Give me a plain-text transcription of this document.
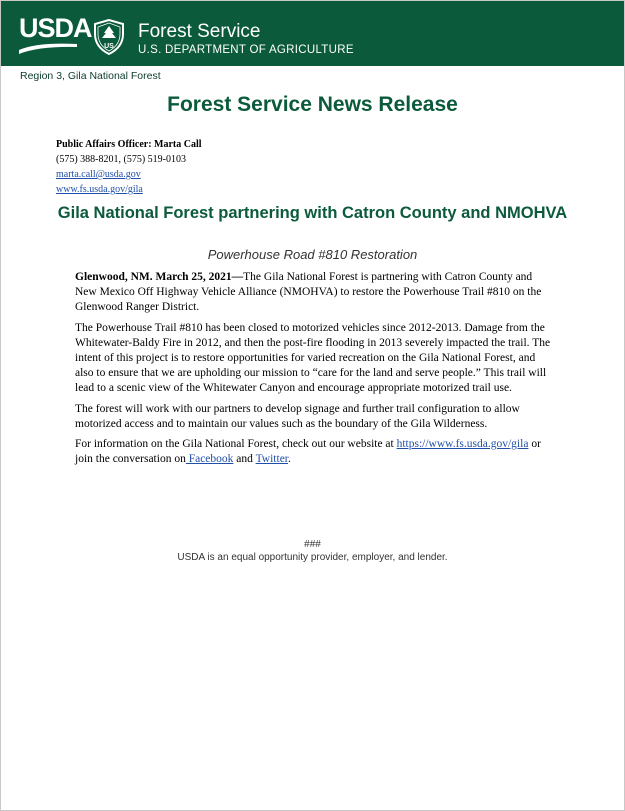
USDA
US
Forest Service
U.S. DEPARTMENT OF AGRICULTURE
Region 3, Gila National Forest
Forest Service News Release
Public Affairs Officer: Marta Call
(575) 388-8201, (575) 519-0103
marta.call@usda.gov
www.fs.usda.gov/gila
Gila National Forest partnering with Catron County and NMOHVA
Powerhouse Road #810 Restoration

Glenwood, NM. March 25, 2021—The Gila National Forest is partnering with Catron County and New Mexico Off Highway Vehicle Alliance (NMOHVA) to restore the Powerhouse Trail #810 on the Glenwood Ranger District.

The Powerhouse Trail #810 has been closed to motorized vehicles since 2012-2013. Damage from the Whitewater-Baldy Fire in 2012, and then the post-fire flooding in 2013 severely impacted the trail. The intent of this project is to restore opportunities for varied recreation on the Gila National Forest, and also to ensure that we are upholding our mission to “care for the land and serve people.” This trail will lead to a scenic view of the Whitewater Canyon and encourage appropriate motorized trail use.

The forest will work with our partners to develop signage and further trail configuration to allow motorized access and to maintain our values such as the boundary of the Gila Wilderness.

For information on the Gila National Forest, check out our website at https://www.fs.usda.gov/gila or join the conversation on Facebook and Twitter.

###
USDA is an equal opportunity provider, employer, and lender.
